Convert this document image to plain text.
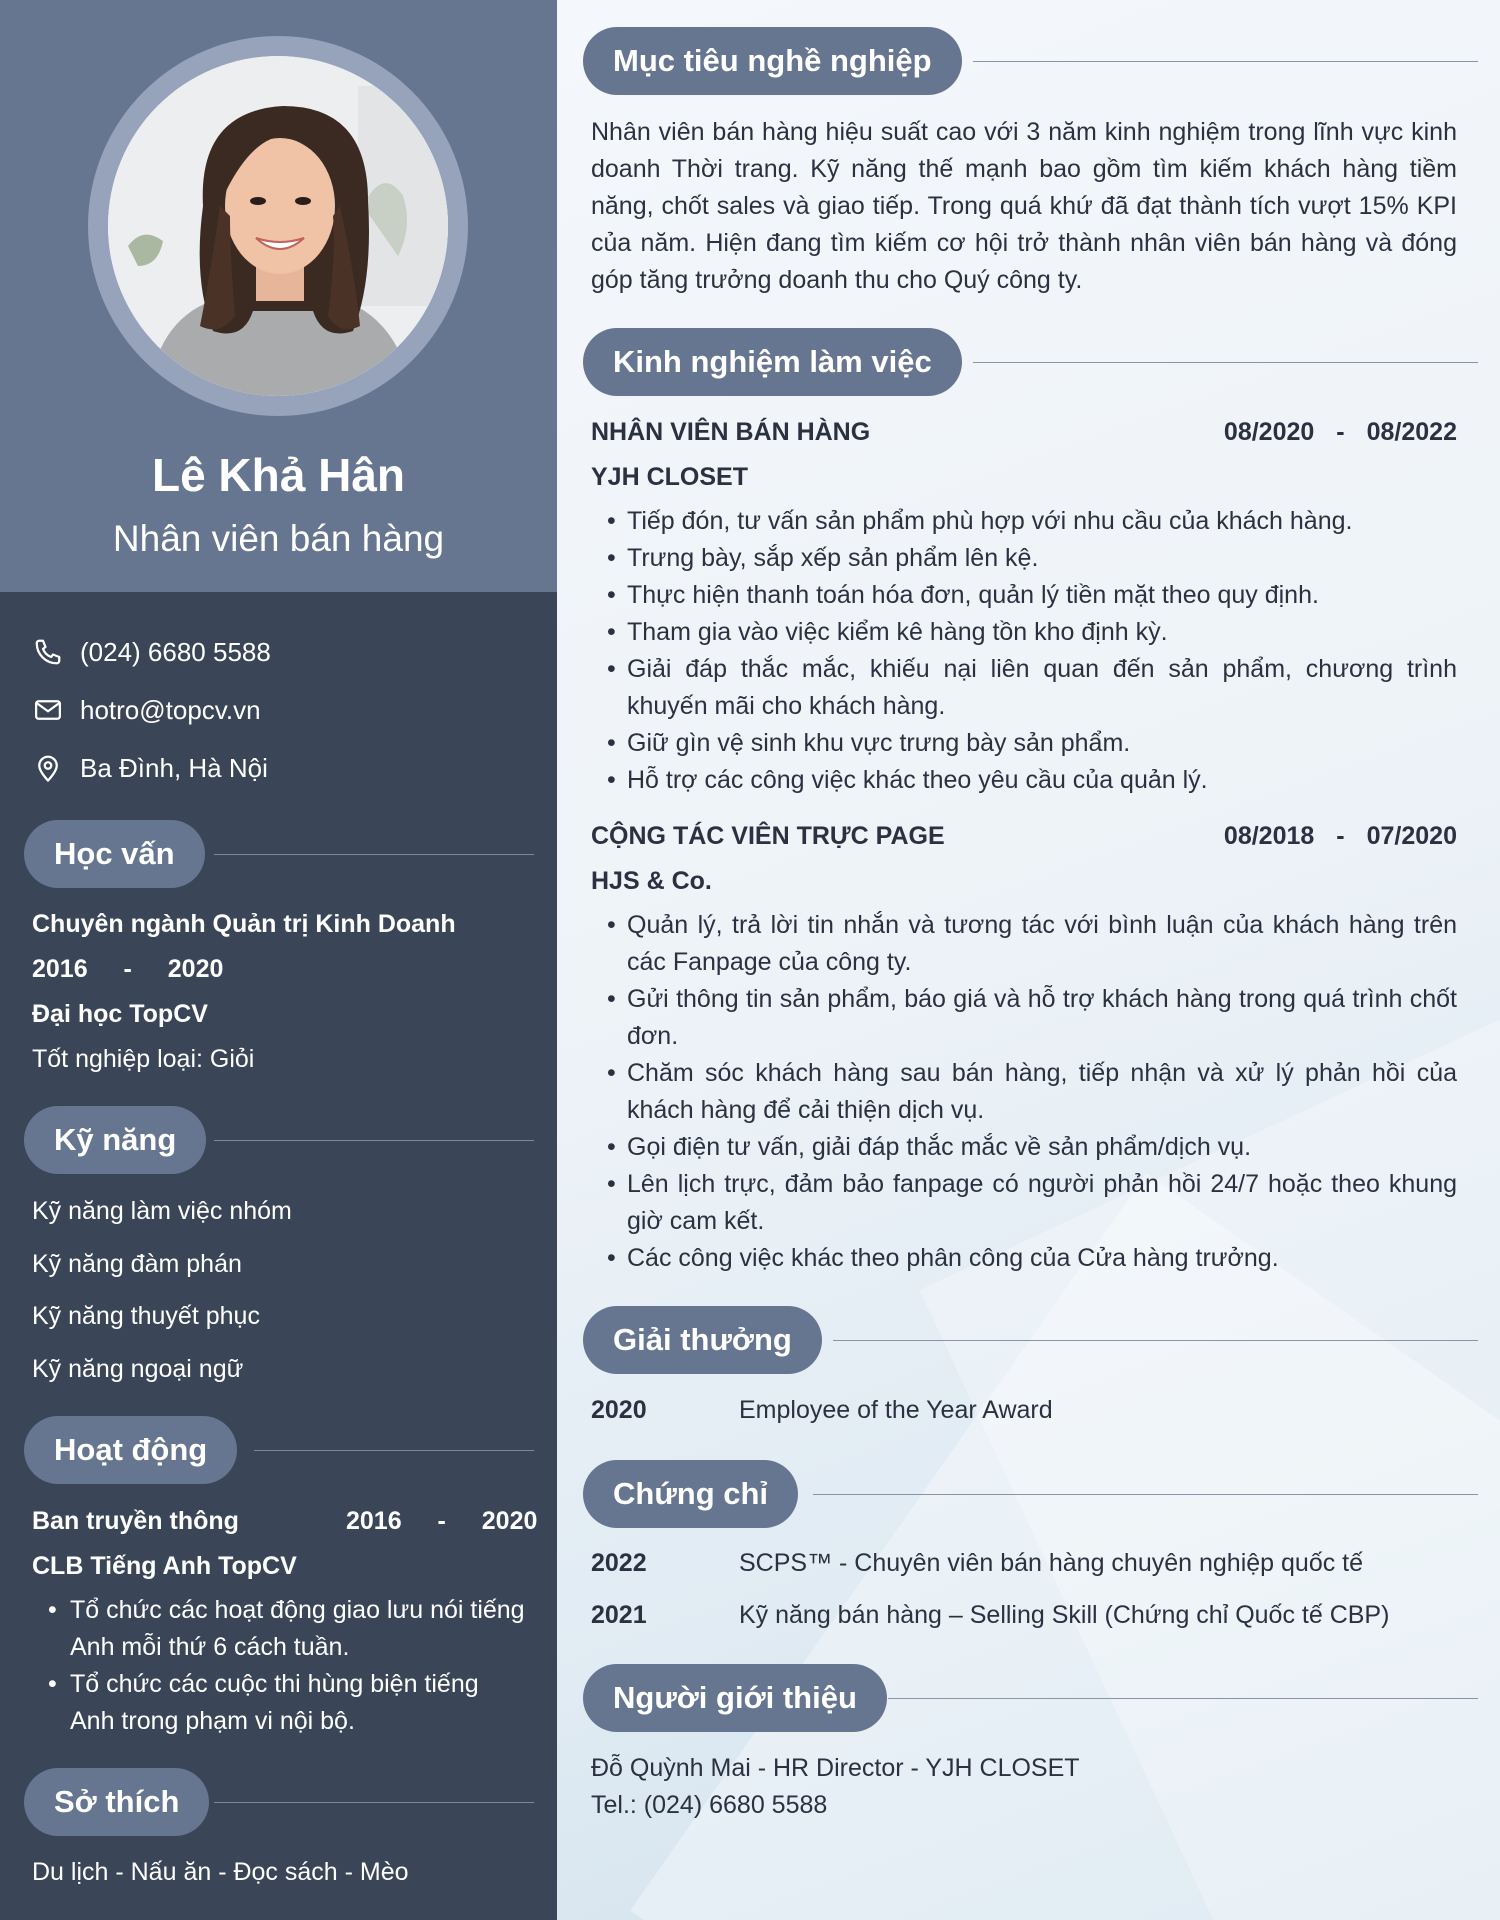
Lê Khả Hân
Nhân viên bán hàng
(024) 6680 5588
hotro@topcv.vn
Ba Đình, Hà Nội
Học vấn
Chuyên ngành Quản trị Kinh Doanh
2016 - 2020
Đại học TopCV
Tốt nghiệp loại: Giỏi
Kỹ năng
Kỹ năng làm việc nhóm
Kỹ năng đàm phán
Kỹ năng thuyết phục
Kỹ năng ngoại ngữ
Hoạt động
Ban truyền thông	2016 - 2020
CLB Tiếng Anh TopCV
• Tổ chức các hoạt động giao lưu nói tiếng Anh mỗi thứ 6 cách tuần.
• Tổ chức các cuộc thi hùng biện tiếng Anh trong phạm vi nội bộ.
Sở thích
Du lịch - Nấu ăn - Đọc sách - Mèo
Mục tiêu nghề nghiệp
Nhân viên bán hàng hiệu suất cao với 3 năm kinh nghiệm trong lĩnh vực kinh doanh Thời trang. Kỹ năng thế mạnh bao gồm tìm kiếm khách hàng tiềm năng, chốt sales và giao tiếp. Trong quá khứ đã đạt thành tích vượt 15% KPI của năm. Hiện đang tìm kiếm cơ hội trở thành nhân viên bán hàng và đóng góp tăng trưởng doanh thu cho Quý công ty.
Kinh nghiệm làm việc
NHÂN VIÊN BÁN HÀNG	08/2020 - 08/2022
YJH CLOSET
• Tiếp đón, tư vấn sản phẩm phù hợp với nhu cầu của khách hàng.
• Trưng bày, sắp xếp sản phẩm lên kệ.
• Thực hiện thanh toán hóa đơn, quản lý tiền mặt theo quy định.
• Tham gia vào việc kiểm kê hàng tồn kho định kỳ.
• Giải đáp thắc mắc, khiếu nại liên quan đến sản phẩm, chương trình khuyến mãi cho khách hàng.
• Giữ gìn vệ sinh khu vực trưng bày sản phẩm.
• Hỗ trợ các công việc khác theo yêu cầu của quản lý.
CỘNG TÁC VIÊN TRỰC PAGE	08/2018 - 07/2020
HJS & Co.
• Quản lý, trả lời tin nhắn và tương tác với bình luận của khách hàng trên các Fanpage của công ty.
• Gửi thông tin sản phẩm, báo giá và hỗ trợ khách hàng trong quá trình chốt đơn.
• Chăm sóc khách hàng sau bán hàng, tiếp nhận và xử lý phản hồi của khách hàng để cải thiện dịch vụ.
• Gọi điện tư vấn, giải đáp thắc mắc về sản phẩm/dịch vụ.
• Lên lịch trực, đảm bảo fanpage có người phản hồi 24/7 hoặc theo khung giờ cam kết.
• Các công việc khác theo phân công của Cửa hàng trưởng.
Giải thưởng
2020	Employee of the Year Award
Chứng chỉ
2022	SCPS™ - Chuyên viên bán hàng chuyên nghiệp quốc tế
2021	Kỹ năng bán hàng – Selling Skill (Chứng chỉ Quốc tế CBP)
Người giới thiệu
Đỗ Quỳnh Mai - HR Director - YJH CLOSET
Tel.: (024) 6680 5588
